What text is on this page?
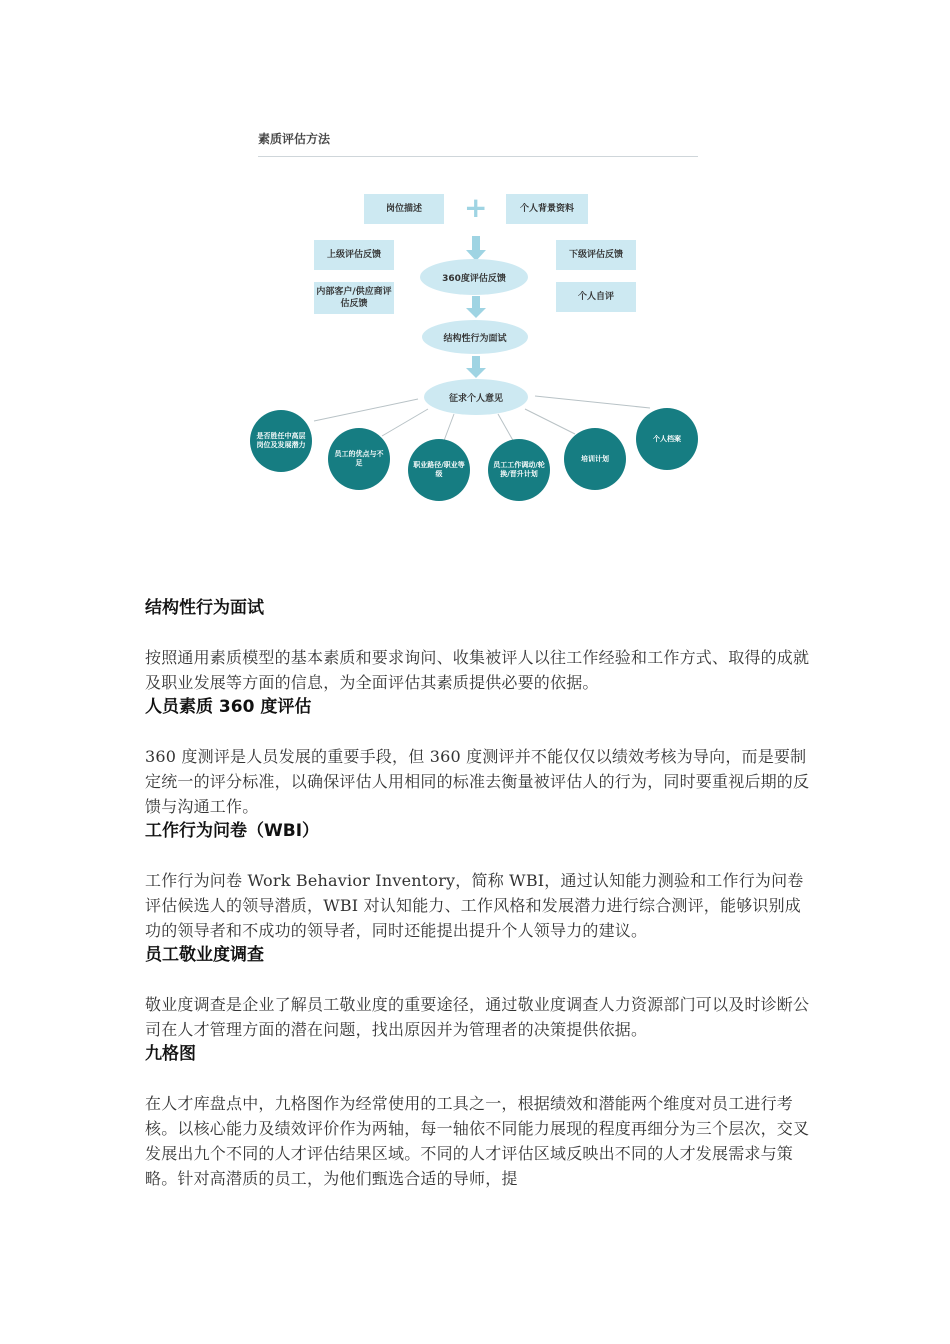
素质评估方法
岗位描述	+	个人背景资料
上级评估反馈
内部客户/供应商评估反馈
下级评估反馈
个人自评
360度评估反馈
结构性行为面试
征求个人意见
是否胜任中高层岗位及发展潜力
员工的优点与不足	职业路径/职业等级
员工工作调动/轮换/晋升计划
培训计划
个人档案
结构性行为面试

按照通用素质模型的基本素质和要求询问、收集被评人以往工作经验和工作方式、取得的成就及职业发展等方面的信息，为全面评估其素质提供必要的依据。

人员素质 360 度评估

360 度测评是人员发展的重要手段，但 360 度测评并不能仅仅以绩效考核为导向，而是要制定统一的评分标准，以确保评估人用相同的标准去衡量被评估人的行为，同时要重视后期的反馈与沟通工作。

工作行为问卷（WBI）

工作行为问卷 Work Behavior Inventory，简称 WBI，通过认知能力测验和工作行为问卷评估候选人的领导潜质，WBI 对认知能力、工作风格和发展潜力进行综合测评，能够识别成功的领导者和不成功的领导者，同时还能提出提升个人领导力的建议。

员工敬业度调查

敬业度调查是企业了解员工敬业度的重要途径，通过敬业度调查人力资源部门可以及时诊断公司在人才管理方面的潜在问题，找出原因并为管理者的决策提供依据。

九格图

在人才库盘点中，九格图作为经常使用的工具之一，根据绩效和潜能两个维度对员工进行考核。以核心能力及绩效评价作为两轴，每一轴依不同能力展现的程度再细分为三个层次，交叉发展出九个不同的人才评估结果区域。不同的人才评估区域反映出不同的人才发展需求与策略。针对高潜质的员工，为他们甄选合适的导师，提
